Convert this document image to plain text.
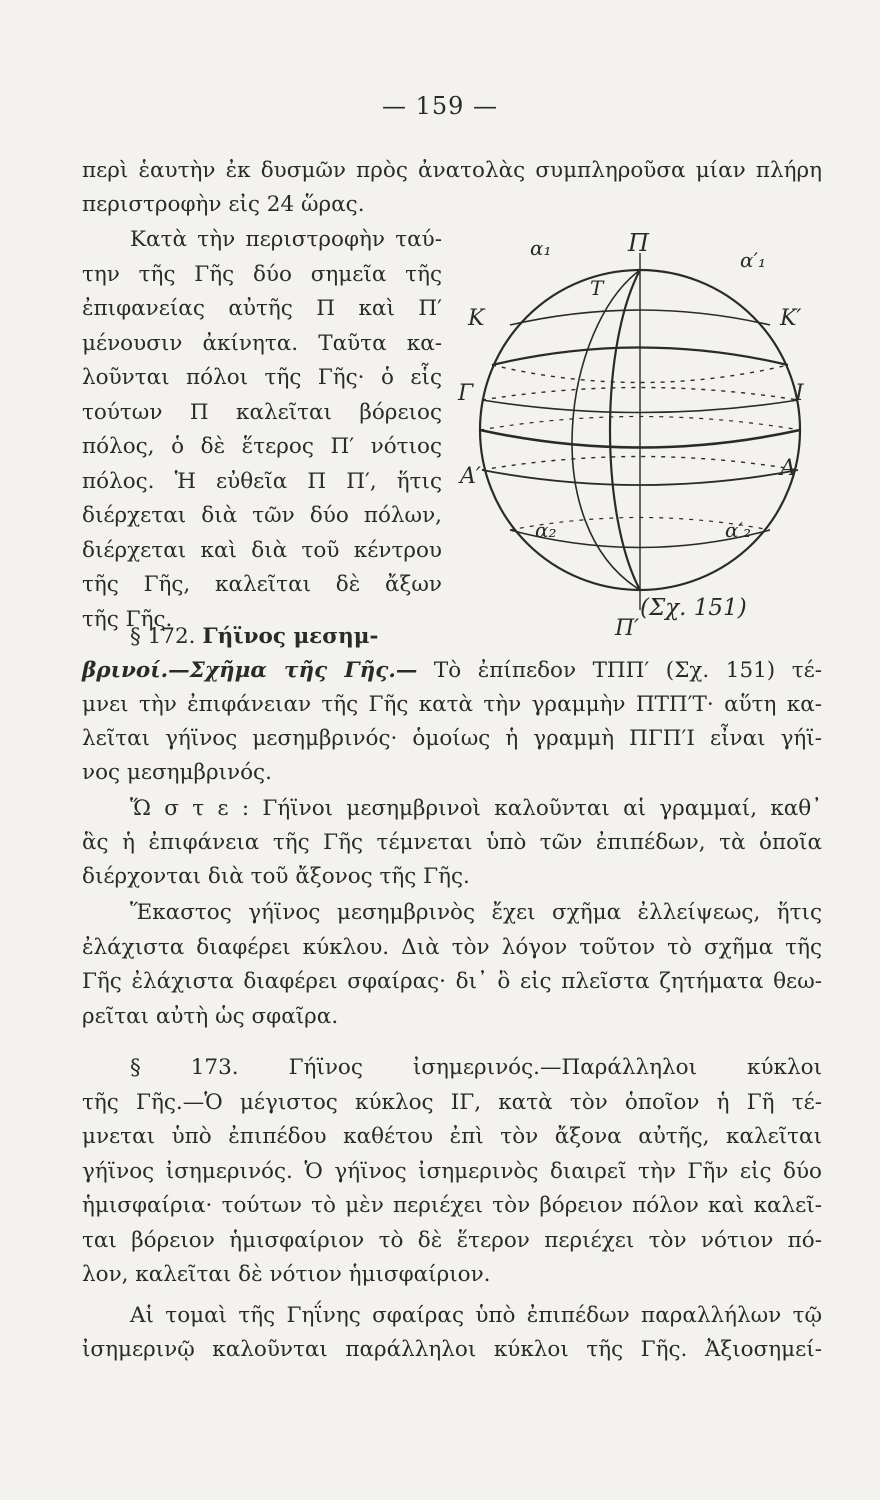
— 159 —
περὶ ἑαυτὴν ἐκ δυσμῶν πρὸς ἀνατολὰς συμπληροῦσα μίαν πλήρη
περιστροφὴν εἰς 24 ὥρας.
Κατὰ τὴν περιστροφὴν ταύ-
την τῆς Γῆς δύο σημεῖα τῆς
ἐπιφανείας αὐτῆς Π καὶ Π′
μένουσιν ἀκίνητα. Ταῦτα κα-
λοῦνται πόλοι τῆς Γῆς· ὁ εἷς
τούτων Π καλεῖται βόρειος
πόλος, ὁ δὲ ἕτερος Π′ νότιος
πόλος. Ἡ εὐθεῖα Π Π′, ἥτις
διέρχεται διὰ τῶν δύο πόλων,
διέρχεται καὶ διὰ τοῦ κέντρου
τῆς Γῆς, καλεῖται δὲ ἄξων
τῆς Γῆς.
Π
Π′
Τ
Κ	Κ′
Γ	Ι
Α′	Α
α₁	α′₁
α₂	α′₂
(Σχ. 151)
§ 172. Γήϊνος μεσημ-
βρινοί.—Σχῆμα τῆς Γῆς.— Τὸ ἐπίπεδον ΤΠΠ′ (Σχ. 151) τέ-
μνει τὴν ἐπιφάνειαν τῆς Γῆς κατὰ τὴν γραμμὴν ΠΤΠ′Τ· αὕτη κα-
λεῖται γήϊνος μεσημβρινός· ὁμοίως ἡ γραμμὴ ΠΓΠ′Ι εἶναι γήϊ-
νος μεσημβρινός.
Ὥ σ τ ε : Γήϊνοι μεσημβρινοὶ καλοῦνται αἱ γραμμαί, καθ᾽
ἃς ἡ ἐπιφάνεια τῆς Γῆς τέμνεται ὑπὸ τῶν ἐπιπέδων, τὰ ὁποῖα
διέρχονται διὰ τοῦ ἄξονος τῆς Γῆς.
Ἕκαστος γήϊνος μεσημβρινὸς ἔχει σχῆμα ἐλλείψεως, ἥτις
ἐλάχιστα διαφέρει κύκλου. Διὰ τὸν λόγον τοῦτον τὸ σχῆμα τῆς
Γῆς ἐλάχιστα διαφέρει σφαίρας· δι᾽ ὃ εἰς πλεῖστα ζητήματα θεω-
ρεῖται αὐτὴ ὡς σφαῖρα.
§ 173. Γήϊνος ἰσημερινός.—Παράλληλοι κύκλοι
τῆς Γῆς.—Ὁ μέγιστος κύκλος ΙΓ, κατὰ τὸν ὁποῖον ἡ Γῆ τέ-
μνεται ὑπὸ ἐπιπέδου καθέτου ἐπὶ τὸν ἄξονα αὐτῆς, καλεῖται
γήϊνος ἰσημερινός. Ὁ γήϊνος ἰσημερινὸς διαιρεῖ τὴν Γῆν εἰς δύο
ἡμισφαίρια· τούτων τὸ μὲν περιέχει τὸν βόρειον πόλον καὶ καλεῖ-
ται βόρειον ἡμισφαίριον τὸ δὲ ἕτερον περιέχει τὸν νότιον πό-
λον, καλεῖται δὲ νότιον ἡμισφαίριον.
Αἱ τομαὶ τῆς Γηΐνης σφαίρας ὑπὸ ἐπιπέδων παραλλήλων τῷ
ἰσημερινῷ καλοῦνται παράλληλοι κύκλοι τῆς Γῆς. Ἀξιοσημεί-
